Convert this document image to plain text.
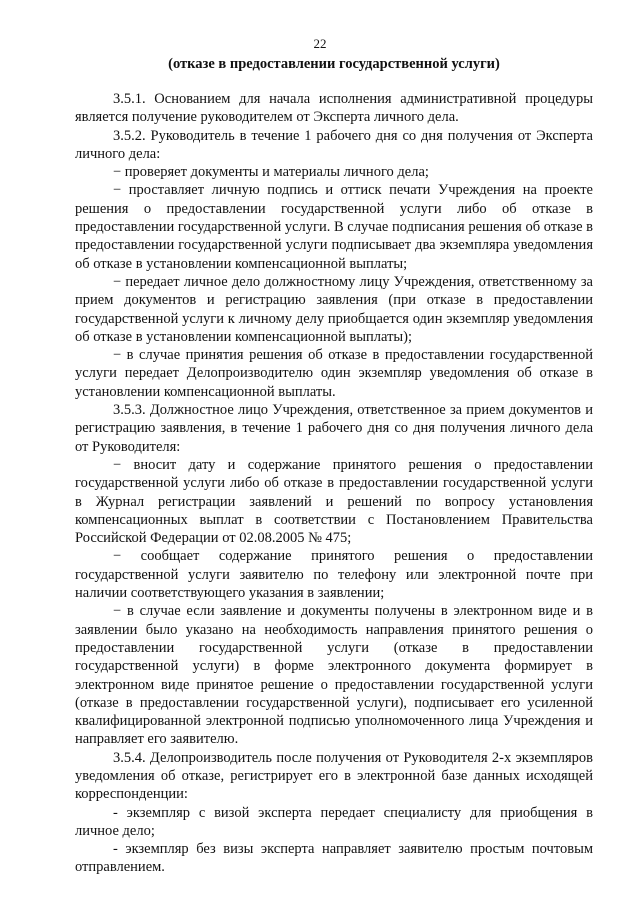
22
(отказе в предоставлении государственной услуги)

3.5.1. Основанием для начала исполнения административной процедуры является получение руководителем от Эксперта личного дела.

3.5.2. Руководитель в течение 1 рабочего дня со дня получения от Эксперта личного дела:

− проверяет документы и материалы личного дела;

− проставляет личную подпись и оттиск печати Учреждения на проекте решения о предоставлении государственной услуги либо об отказе в предоставлении государственной услуги. В случае подписания решения об отказе в предоставлении государственной услуги подписывает два экземпляра уведомления об отказе в установлении компенсационной выплаты;

− передает личное дело должностному лицу Учреждения, ответственному за прием документов и регистрацию заявления (при отказе в предоставлении государственной услуги к личному делу приобщается один экземпляр уведомления об отказе в установлении компенсационной выплаты);

− в случае принятия решения об отказе в предоставлении государственной услуги передает Делопроизводителю один экземпляр уведомления об отказе в установлении компенсационной выплаты.

3.5.3. Должностное лицо Учреждения, ответственное за прием документов и регистрацию заявления, в течение 1 рабочего дня со дня получения личного дела от Руководителя:

− вносит дату и содержание принятого решения о предоставлении государственной услуги либо об отказе в предоставлении государственной услуги в Журнал регистрации заявлений и решений по вопросу установления компенсационных выплат в соответствии с Постановлением Правительства Российской Федерации от 02.08.2005 № 475;

− сообщает содержание принятого решения о предоставлении государственной услуги заявителю по телефону или электронной почте при наличии соответствующего указания в заявлении;

− в случае если заявление и документы получены в электронном виде и в заявлении было указано на необходимость направления принятого решения о предоставлении государственной услуги (отказе в предоставлении государственной услуги) в форме электронного документа формирует в электронном виде принятое решение о предоставлении государственной услуги (отказе в предоставлении государственной услуги), подписывает его усиленной квалифицированной электронной подписью уполномоченного лица Учреждения и направляет его заявителю.

3.5.4. Делопроизводитель после получения от Руководителя 2-х экземпляров уведомления об отказе, регистрирует его в электронной базе данных исходящей корреспонденции:

- экземпляр с визой эксперта передает специалисту для приобщения в личное дело;

- экземпляр без визы эксперта направляет заявителю простым почтовым отправлением.
